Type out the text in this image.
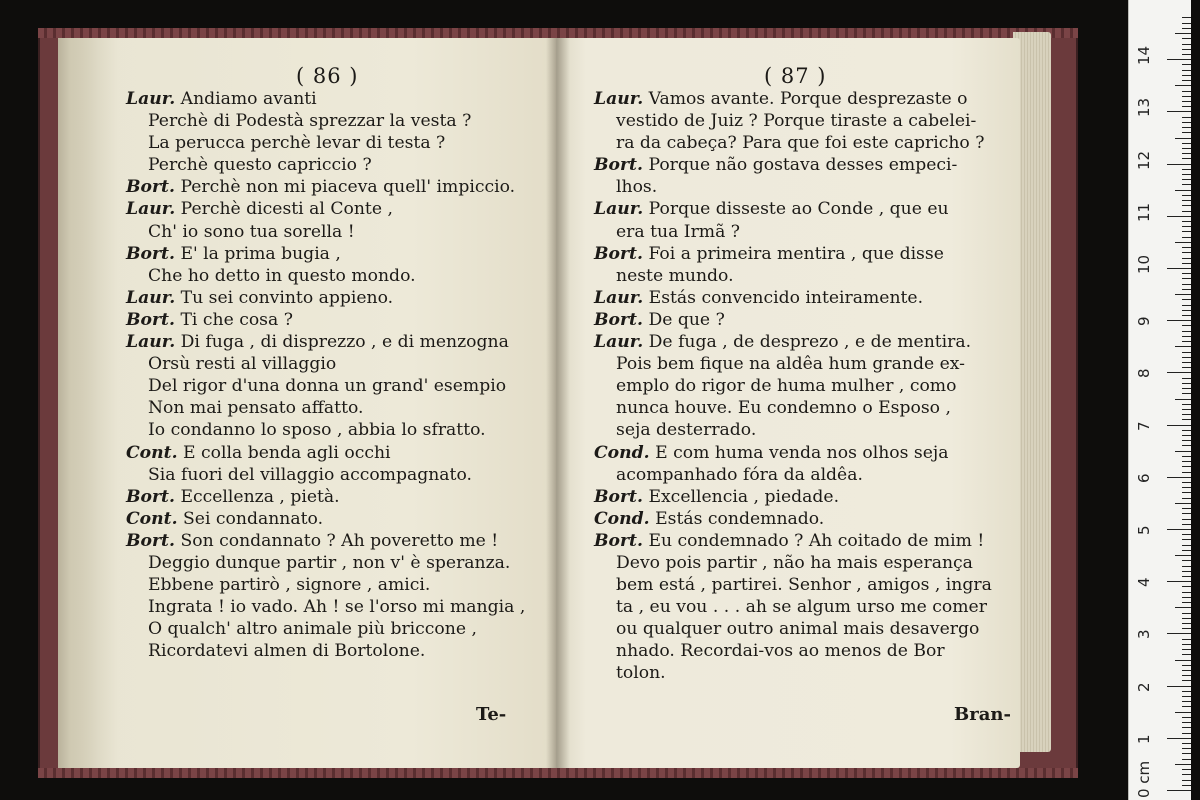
( 86 )
Laur. Andiamo avanti
Perchè di Podestà sprezzar la vesta ?
La perucca perchè levar di testa ?
Perchè questo capriccio ?
Bort. Perchè non mi piaceva quell' impiccio.
Laur. Perchè dicesti al Conte ,
Ch' io sono tua sorella !
Bort. E' la prima bugia ,
Che ho detto in questo mondo.
Laur. Tu sei convinto appieno.
Bort. Ti che cosa ?
Laur. Di fuga , di disprezzo , e di menzogna
Orsù resti al villaggio
Del rigor d'una donna un grand' esempio
Non mai pensato affatto.
Io condanno lo sposo , abbia lo sfratto.
Cont. E colla benda agli occhi
Sia fuori del villaggio accompagnato.
Bort. Eccellenza , pietà.
Cont. Sei condannato.
Bort. Son condannato ? Ah poveretto me !
Deggio dunque partir , non v' è speranza.
Ebbene partirò , signore , amici.
Ingrata ! io vado. Ah ! se l'orso mi mangia ,
O qualch' altro animale più briccone ,
Ricordatevi almen di Bortolone.
Te-
( 87 )
Laur. Vamos avante. Porque desprezaste o
vestido de Juiz ? Porque tiraste a cabelei-
ra da cabeça? Para que foi este capricho ?
Bort. Porque não gostava desses empeci-
lhos.
Laur. Porque disseste ao Conde , que eu
era tua Irmã ?
Bort. Foi a primeira mentira , que disse
neste mundo.
Laur. Estás convencido inteiramente.
Bort. De que ?
Laur. De fuga , de desprezo , e de mentira.
Pois bem fique na aldêa hum grande ex-
emplo do rigor de huma mulher , como
nunca houve. Eu condemno o Esposo ,
seja desterrado.
Cond. E com huma venda nos olhos seja
acompanhado fóra da aldêa.
Bort. Excellencia , piedade.
Cond. Estás condemnado.
Bort. Eu condemnado ? Ah coitado de mim !
Devo pois partir , não ha mais esperança
bem está , partirei. Senhor , amigos , ingra
ta , eu vou . . . ah se algum urso me comer
ou qualquer outro animal mais desavergo
nhado. Recordai-vos ao menos de Bor
tolon.
Bran-
0 cm
1
2
3
4
5
6
7
8
9
10
11
12
13
14
